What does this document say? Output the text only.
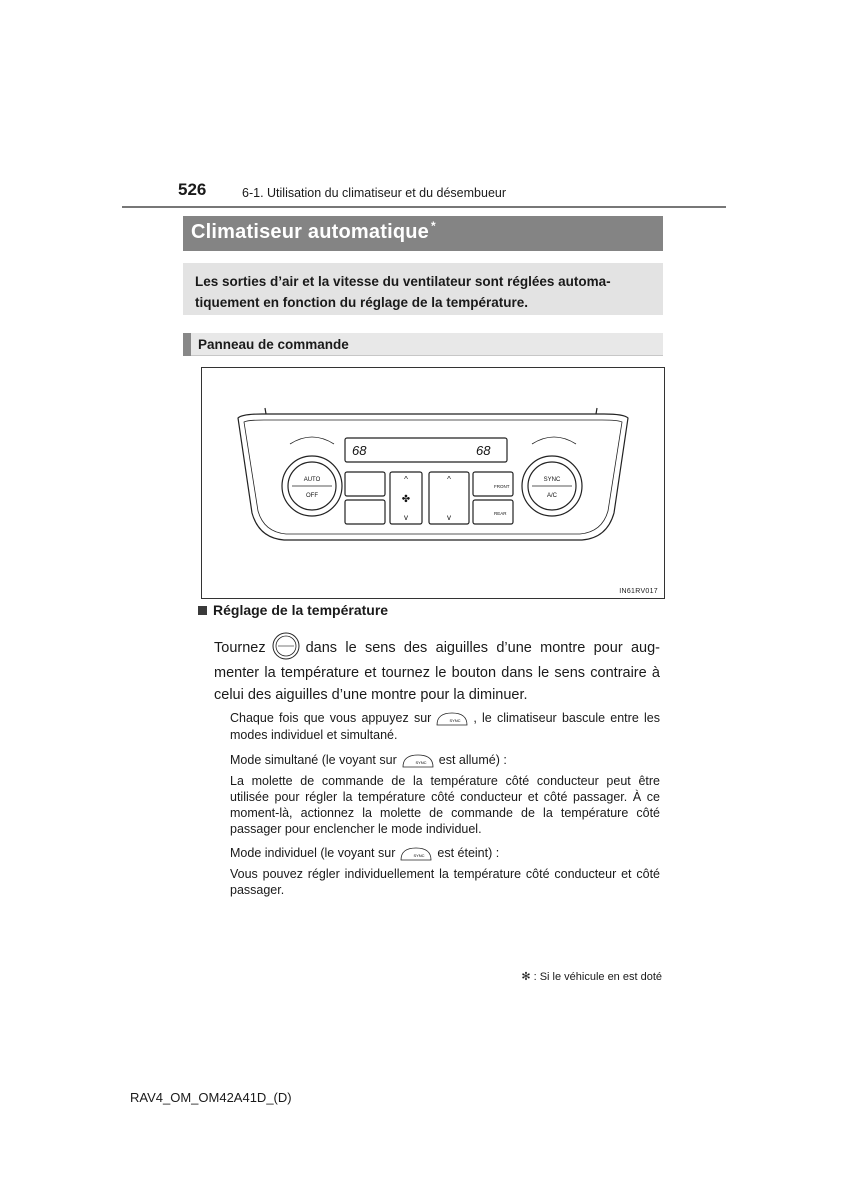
526	6-1. Utilisation du climatiseur et du désembueur
Climatiseur automatique *
Les sorties d’air et la vitesse du ventilateur sont réglées automa-tiquement en fonction du réglage de la température.
Panneau de commande
68	68
AUTO
OFF
SYNC
A/C
FRONT
REAR
^
v
^
v
✤
IN61RV017
Réglage de la température
Tournez	dans le sens des aiguilles d’une montre pour aug- menter la température et tournez le bouton dans le sens contraire à celui des aiguilles d’une montre pour la diminuer.
Chaque fois que vous appuyez sur	SYNC , le climatiseur bascule entre les modes individuel et simultané.
Mode simultané (le voyant sur	SYNC est allumé) :
La molette de commande de la température côté conducteur peut être utilisée pour régler la température côté conducteur et côté passager. À ce moment-là, actionnez la molette de commande de la température côté passager pour enclencher le mode individuel.
Mode individuel (le voyant sur	SYNC est éteint) :
Vous pouvez régler individuellement la température côté conducteur et côté passager.
✻ : Si le véhicule en est doté
RAV4_OM_OM42A41D_(D)
